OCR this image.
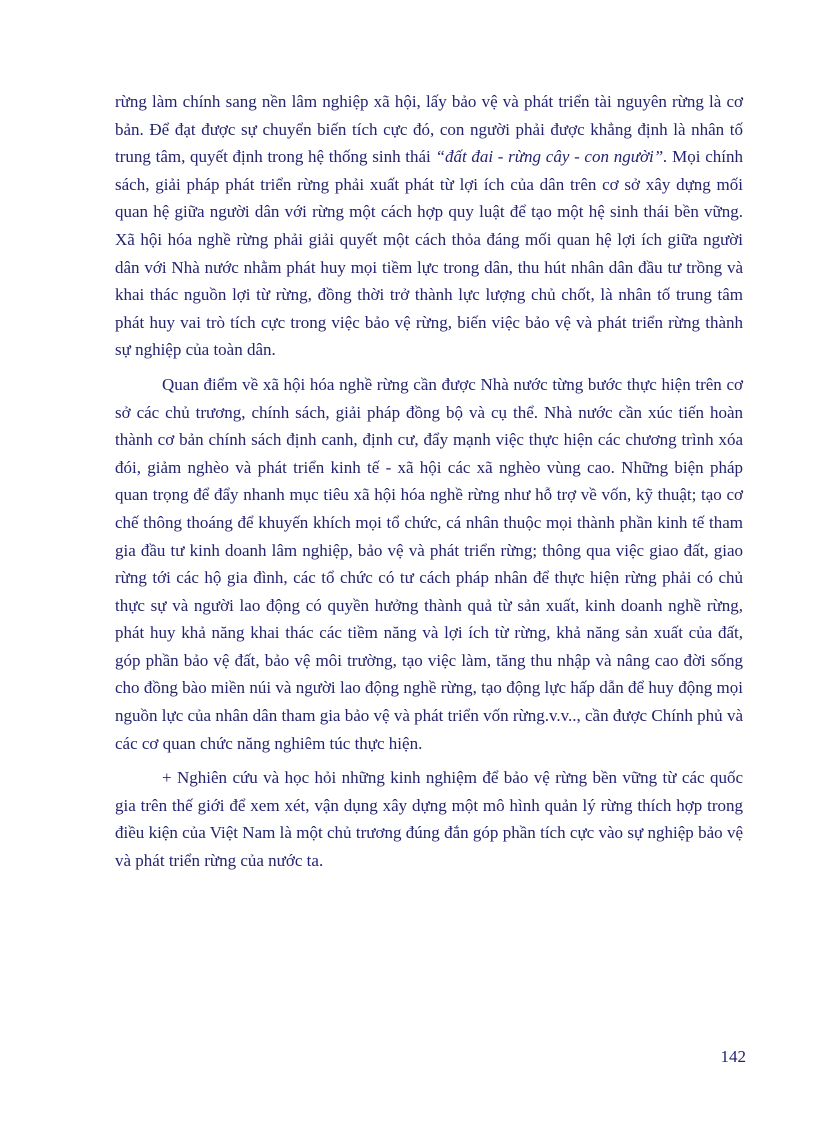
rừng làm chính sang nền lâm nghiệp xã hội, lấy bảo vệ và phát triển tài nguyên rừng là cơ bản. Để đạt được sự chuyển biến tích cực đó, con người phải được khẳng định là nhân tố trung tâm, quyết định trong hệ thống sinh thái “đất đai - rừng cây - con người”. Mọi chính sách, giải pháp phát triển rừng phải xuất phát từ lợi ích của dân trên cơ sở xây dựng mối quan hệ giữa người dân với rừng một cách hợp quy luật để tạo một hệ sinh thái bền vững. Xã hội hóa nghề rừng phải giải quyết một cách thỏa đáng mối quan hệ lợi ích giữa người dân với Nhà nước nhằm phát huy mọi tiềm lực trong dân, thu hút nhân dân đầu tư trồng và khai thác nguồn lợi từ rừng, đồng thời trở thành lực lượng chủ chốt, là nhân tố trung tâm phát huy vai trò tích cực trong việc bảo vệ rừng, biến việc bảo vệ và phát triển rừng thành sự nghiệp của toàn dân.

Quan điểm về xã hội hóa nghề rừng cần được Nhà nước từng bước thực hiện trên cơ sở các chủ trương, chính sách, giải pháp đồng bộ và cụ thể. Nhà nước cần xúc tiến hoàn thành cơ bản chính sách định canh, định cư, đẩy mạnh việc thực hiện các chương trình xóa đói, giảm nghèo và phát triển kinh tế - xã hội các xã nghèo vùng cao. Những biện pháp quan trọng để đẩy nhanh mục tiêu xã hội hóa nghề rừng như hỗ trợ về vốn, kỹ thuật; tạo cơ chế thông thoáng để khuyến khích mọi tổ chức, cá nhân thuộc mọi thành phần kinh tế tham gia đầu tư kinh doanh lâm nghiệp, bảo vệ và phát triển rừng; thông qua việc giao đất, giao rừng tới các hộ gia đình, các tổ chức có tư cách pháp nhân để thực hiện rừng phải có chủ thực sự và người lao động có quyền hưởng thành quả từ sản xuất, kinh doanh nghề rừng, phát huy khả năng khai thác các tiềm năng và lợi ích từ rừng, khả năng sản xuất của đất, góp phần bảo vệ đất, bảo vệ môi trường, tạo việc làm, tăng thu nhập và nâng cao đời sống cho đồng bào miền núi và người lao động nghề rừng, tạo động lực hấp dẫn để huy động mọi nguồn lực của nhân dân tham gia bảo vệ và phát triển vốn rừng.v.v.., cần được Chính phủ và các cơ quan chức năng nghiêm túc thực hiện.

+ Nghiên cứu và học hỏi những kinh nghiệm để bảo vệ rừng bền vững từ các quốc gia trên thế giới để xem xét, vận dụng xây dựng một mô hình quản lý rừng thích hợp trong điều kiện của Việt Nam là một chủ trương đúng đắn góp phần tích cực vào sự nghiệp bảo vệ và phát triển rừng của nước ta.

142
